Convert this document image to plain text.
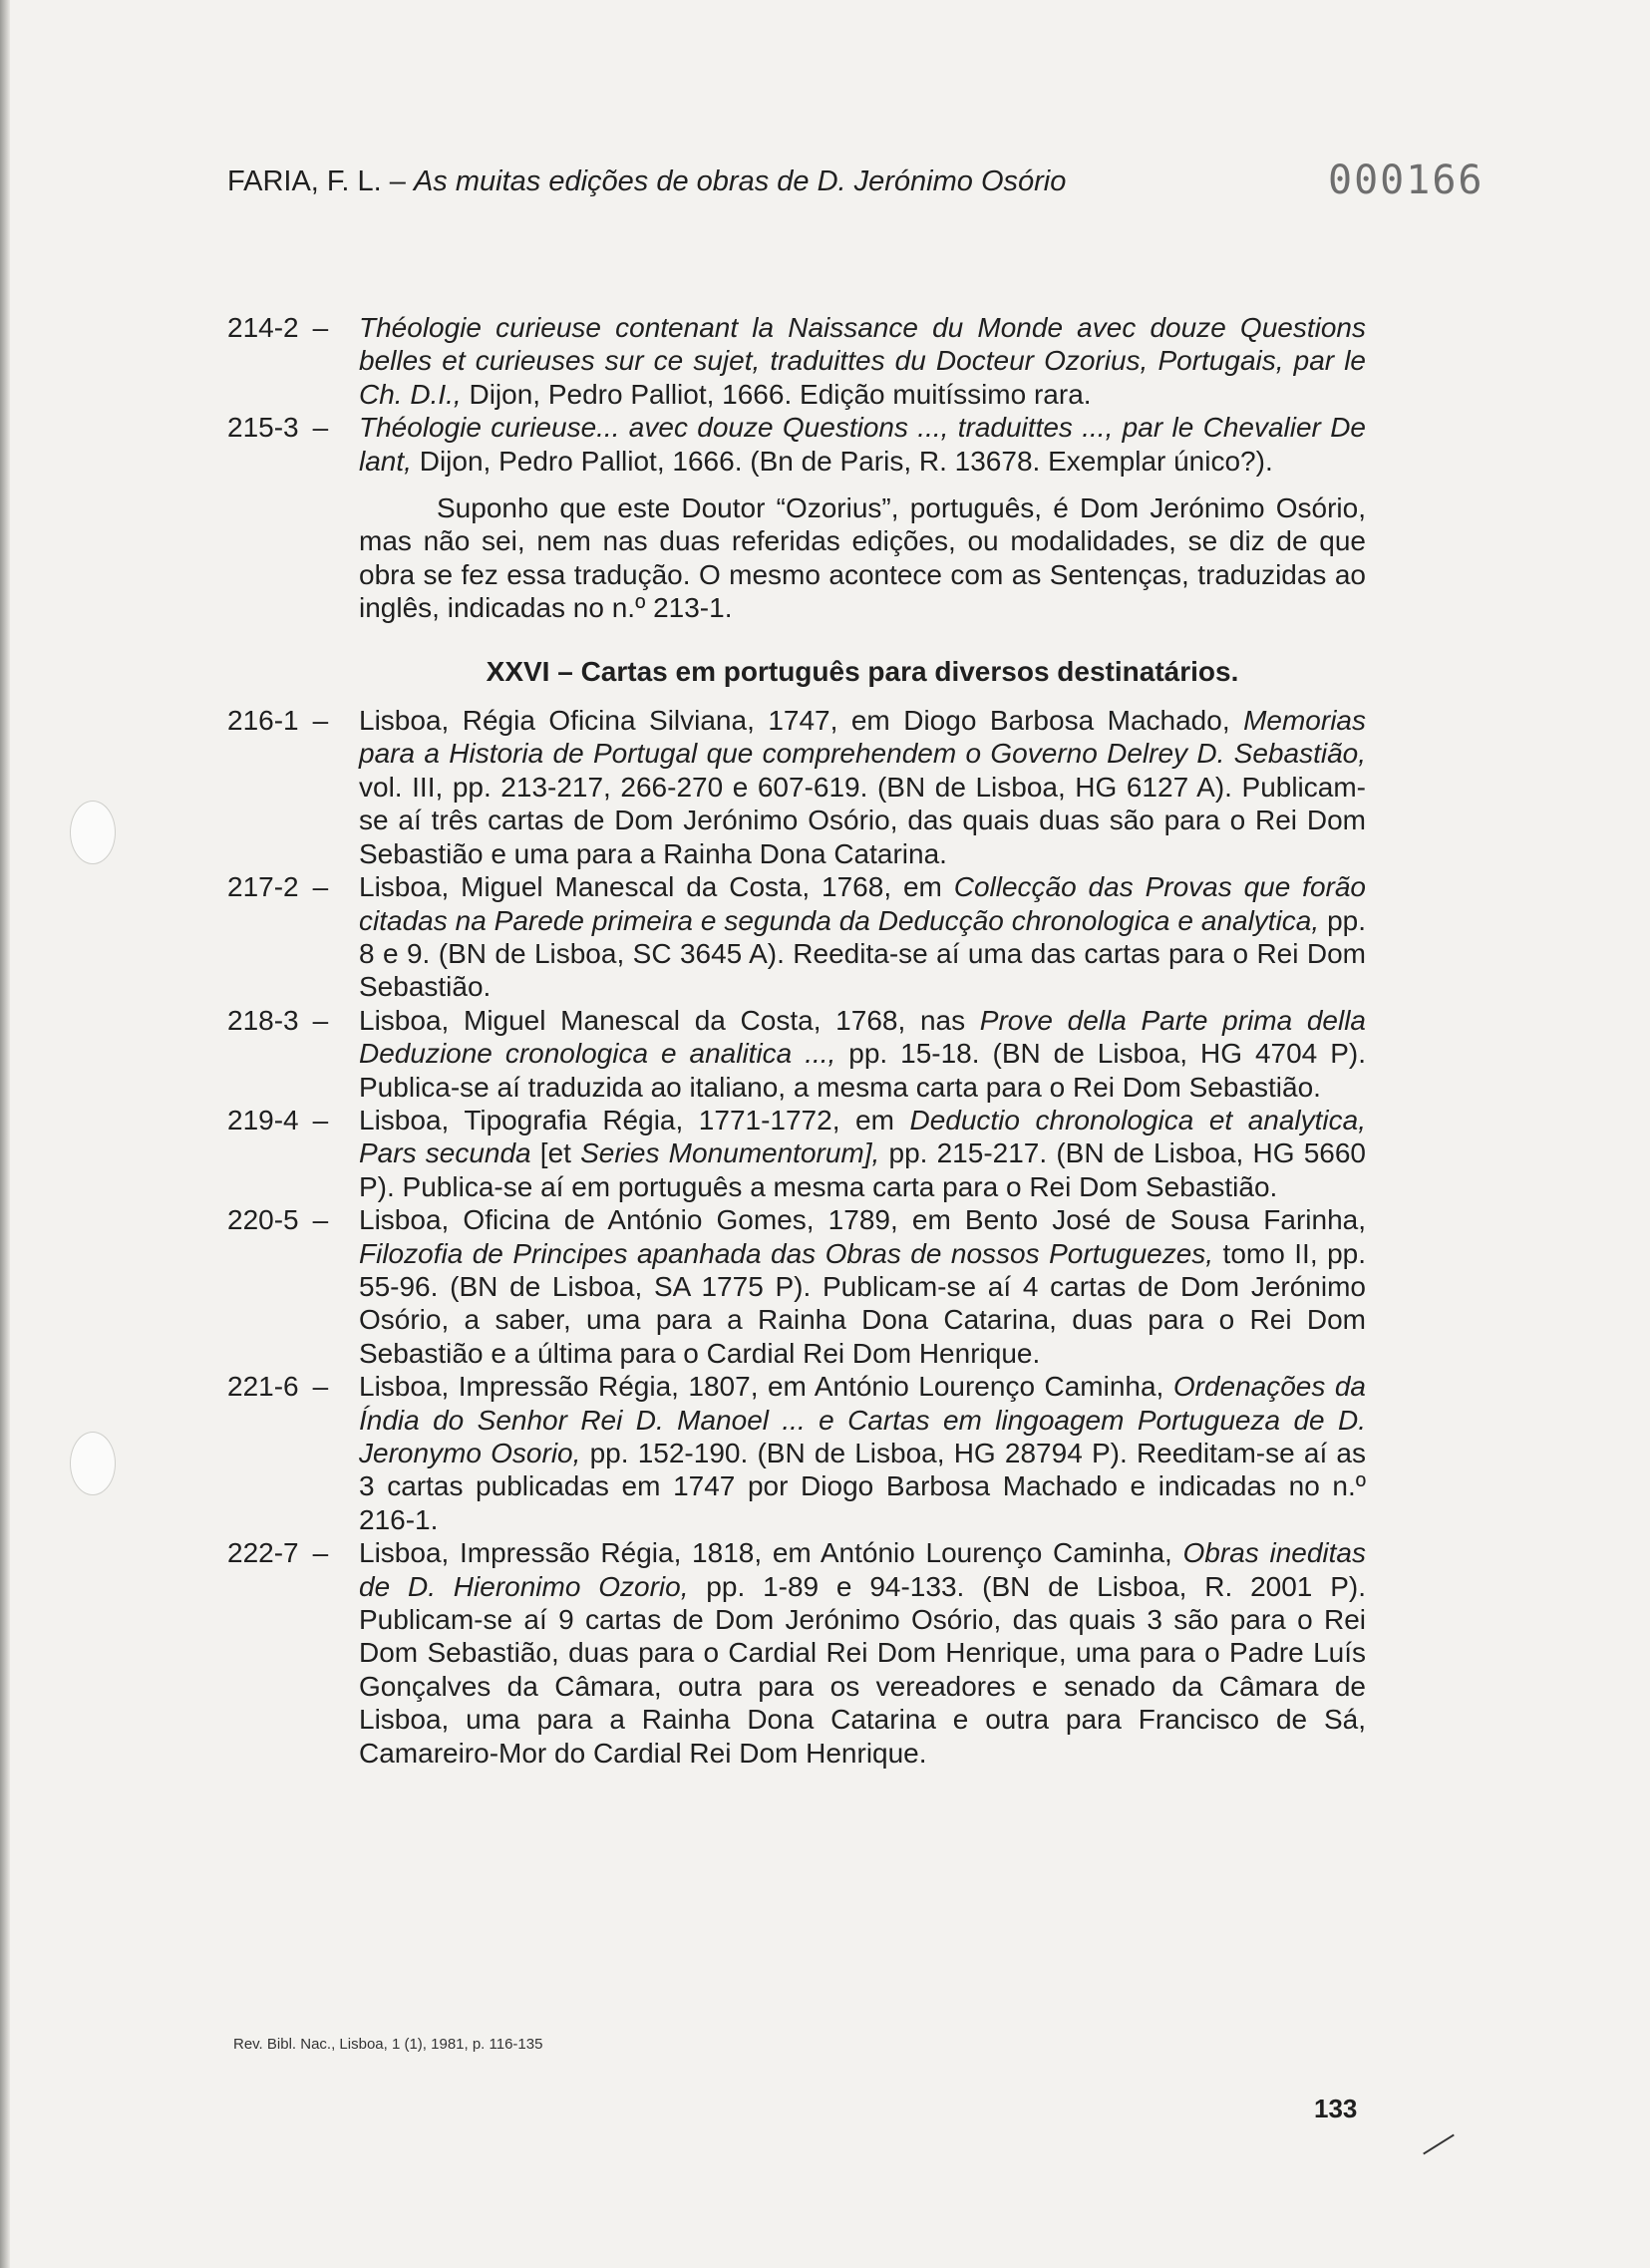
FARIA, F. L. – As muitas edições de obras de D. Jerónimo Osório	000166
214-2 – Théologie curieuse contenant la Naissance du Monde avec douze Questions belles et curieuses sur ce sujet, traduittes du Docteur Ozorius, Portugais, par le Ch. D.I., Dijon, Pedro Palliot, 1666. Edição muitíssimo rara.
215-3 – Théologie curieuse... avec douze Questions ..., traduittes ..., par le Chevalier De lant, Dijon, Pedro Palliot, 1666. (Bn de Paris, R. 13678. Exemplar único?).
Suponho que este Doutor “Ozorius”, português, é Dom Jerónimo Osório, mas não sei, nem nas duas referidas edições, ou modalidades, se diz de que obra se fez essa tradução. O mesmo acontece com as Sentenças, traduzidas ao inglês, indicadas no n.º 213-1.
XXVI – Cartas em português para diversos destinatários.
216-1 – Lisboa, Régia Oficina Silviana, 1747, em Diogo Barbosa Machado, Memorias para a Historia de Portugal que comprehendem o Governo Delrey D. Sebastião, vol. III, pp. 213-217, 266-270 e 607-619. (BN de Lisboa, HG 6127 A). Publicam-se aí três cartas de Dom Jerónimo Osório, das quais duas são para o Rei Dom Sebastião e uma para a Rainha Dona Catarina.
217-2 – Lisboa, Miguel Manescal da Costa, 1768, em Collecção das Provas que forão citadas na Parede primeira e segunda da Deducção chronologica e analytica, pp. 8 e 9. (BN de Lisboa, SC 3645 A). Reedita-se aí uma das cartas para o Rei Dom Sebastião.
218-3 – Lisboa, Miguel Manescal da Costa, 1768, nas Prove della Parte prima della Deduzione cronologica e analitica ..., pp. 15-18. (BN de Lisboa, HG 4704 P). Publica-se aí traduzida ao italiano, a mesma carta para o Rei Dom Sebastião.
219-4 – Lisboa, Tipografia Régia, 1771-1772, em Deductio chronologica et analytica, Pars secunda [et Series Monumentorum], pp. 215-217. (BN de Lisboa, HG 5660 P). Publica-se aí em português a mesma carta para o Rei Dom Sebastião.
220-5 – Lisboa, Oficina de António Gomes, 1789, em Bento José de Sousa Farinha, Filozofia de Principes apanhada das Obras de nossos Portuguezes, tomo II, pp. 55-96. (BN de Lisboa, SA 1775 P). Publicam-se aí 4 cartas de Dom Jerónimo Osório, a saber, uma para a Rainha Dona Catarina, duas para o Rei Dom Sebastião e a última para o Cardial Rei Dom Henrique.
221-6 – Lisboa, Impressão Régia, 1807, em António Lourenço Caminha, Ordenações da Índia do Senhor Rei D. Manoel ... e Cartas em lingoagem Portugueza de D. Jeronymo Osorio, pp. 152-190. (BN de Lisboa, HG 28794 P). Reeditam-se aí as 3 cartas publicadas em 1747 por Diogo Barbosa Machado e indicadas no n.º 216-1.
222-7 – Lisboa, Impressão Régia, 1818, em António Lourenço Caminha, Obras ineditas de D. Hieronimo Ozorio, pp. 1-89 e 94-133. (BN de Lisboa, R. 2001 P). Publicam-se aí 9 cartas de Dom Jerónimo Osório, das quais 3 são para o Rei Dom Sebastião, duas para o Cardial Rei Dom Henrique, uma para o Padre Luís Gonçalves da Câmara, outra para os vereadores e senado da Câmara de Lisboa, uma para a Rainha Dona Catarina e outra para Francisco de Sá, Camareiro-Mor do Cardial Rei Dom Henrique.
Rev. Bibl. Nac., Lisboa, 1 (1), 1981, p. 116-135
133
